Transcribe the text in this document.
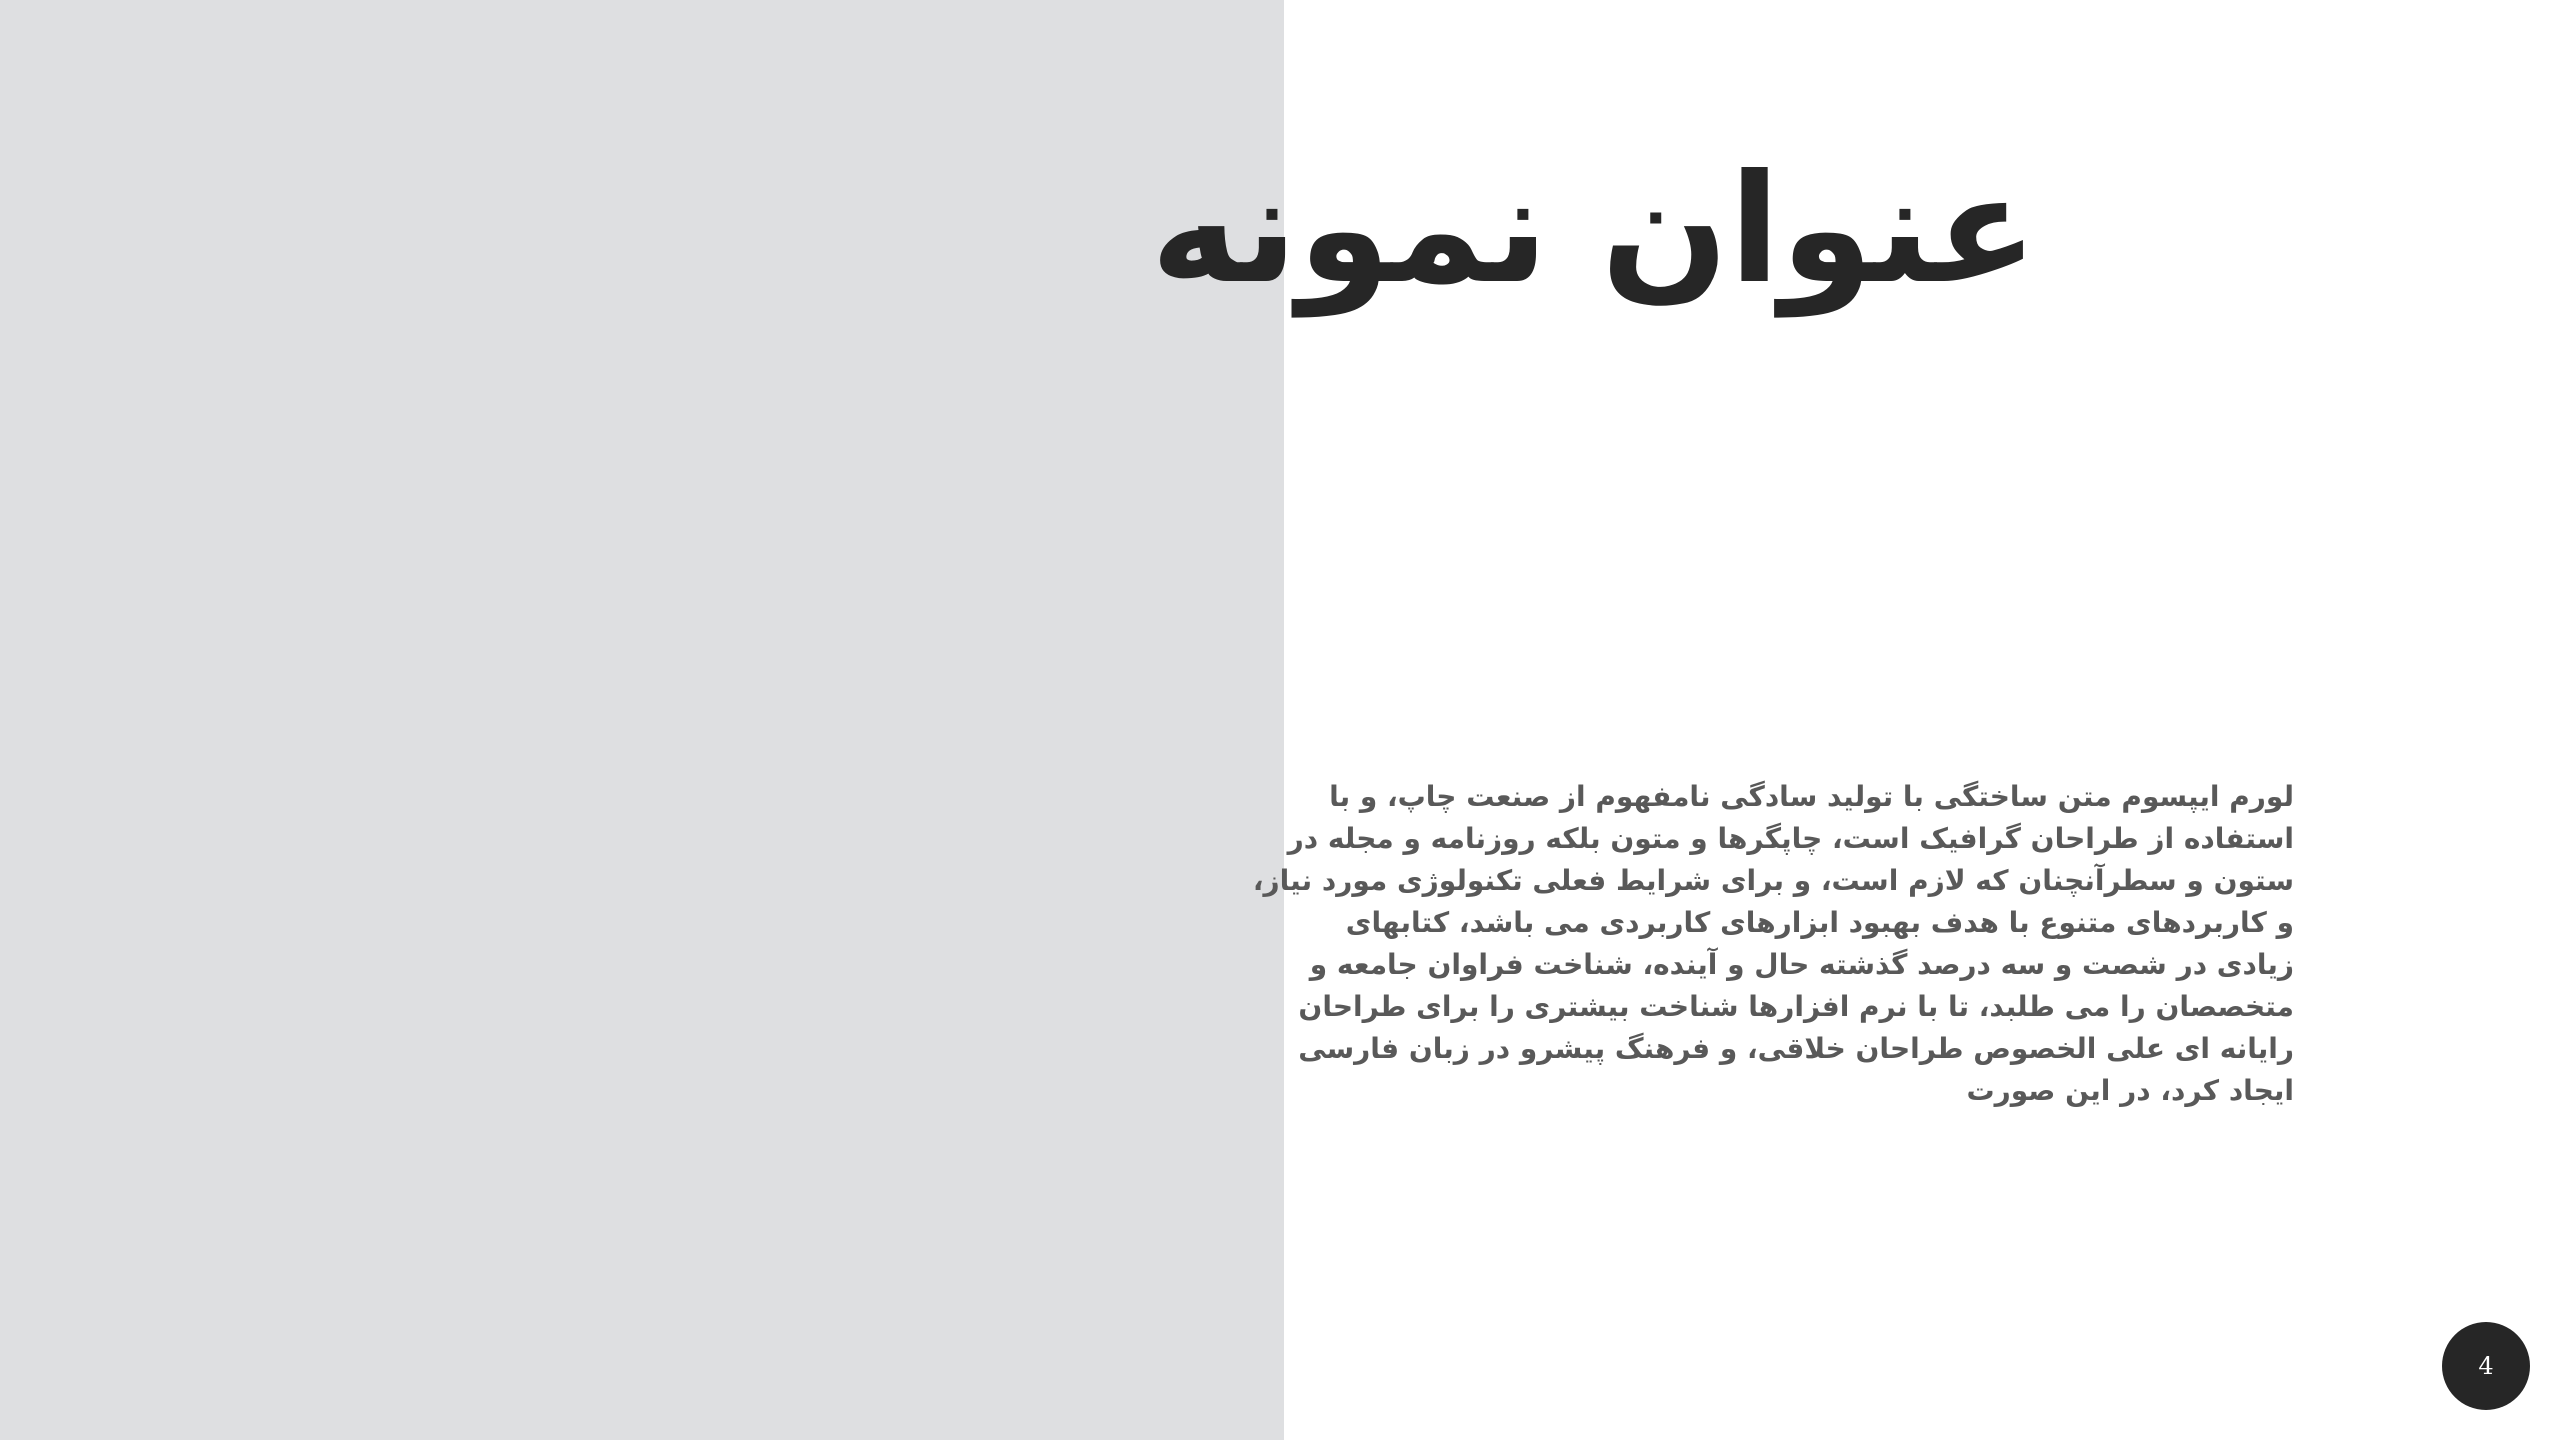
عنوان نمونه

لورم ایپسوم متن ساختگی با تولید سادگی نامفهوم از صنعت چاپ، و با
استفاده از طراحان گرافیک است، چاپگرها و متون بلکه روزنامه و مجله در
ستون و سطرآنچنان که لازم است، و برای شرایط فعلی تکنولوژی مورد نیاز،
و کاربردهای متنوع با هدف بهبود ابزارهای کاربردی می باشد، کتابهای
زیادی در شصت و سه درصد گذشته حال و آینده، شناخت فراوان جامعه و
متخصصان را می طلبد، تا با نرم افزارها شناخت بیشتری را برای طراحان
رایانه ای علی الخصوص طراحان خلاقی، و فرهنگ پیشرو در زبان فارسی
ایجاد کرد، در این صورت

4
